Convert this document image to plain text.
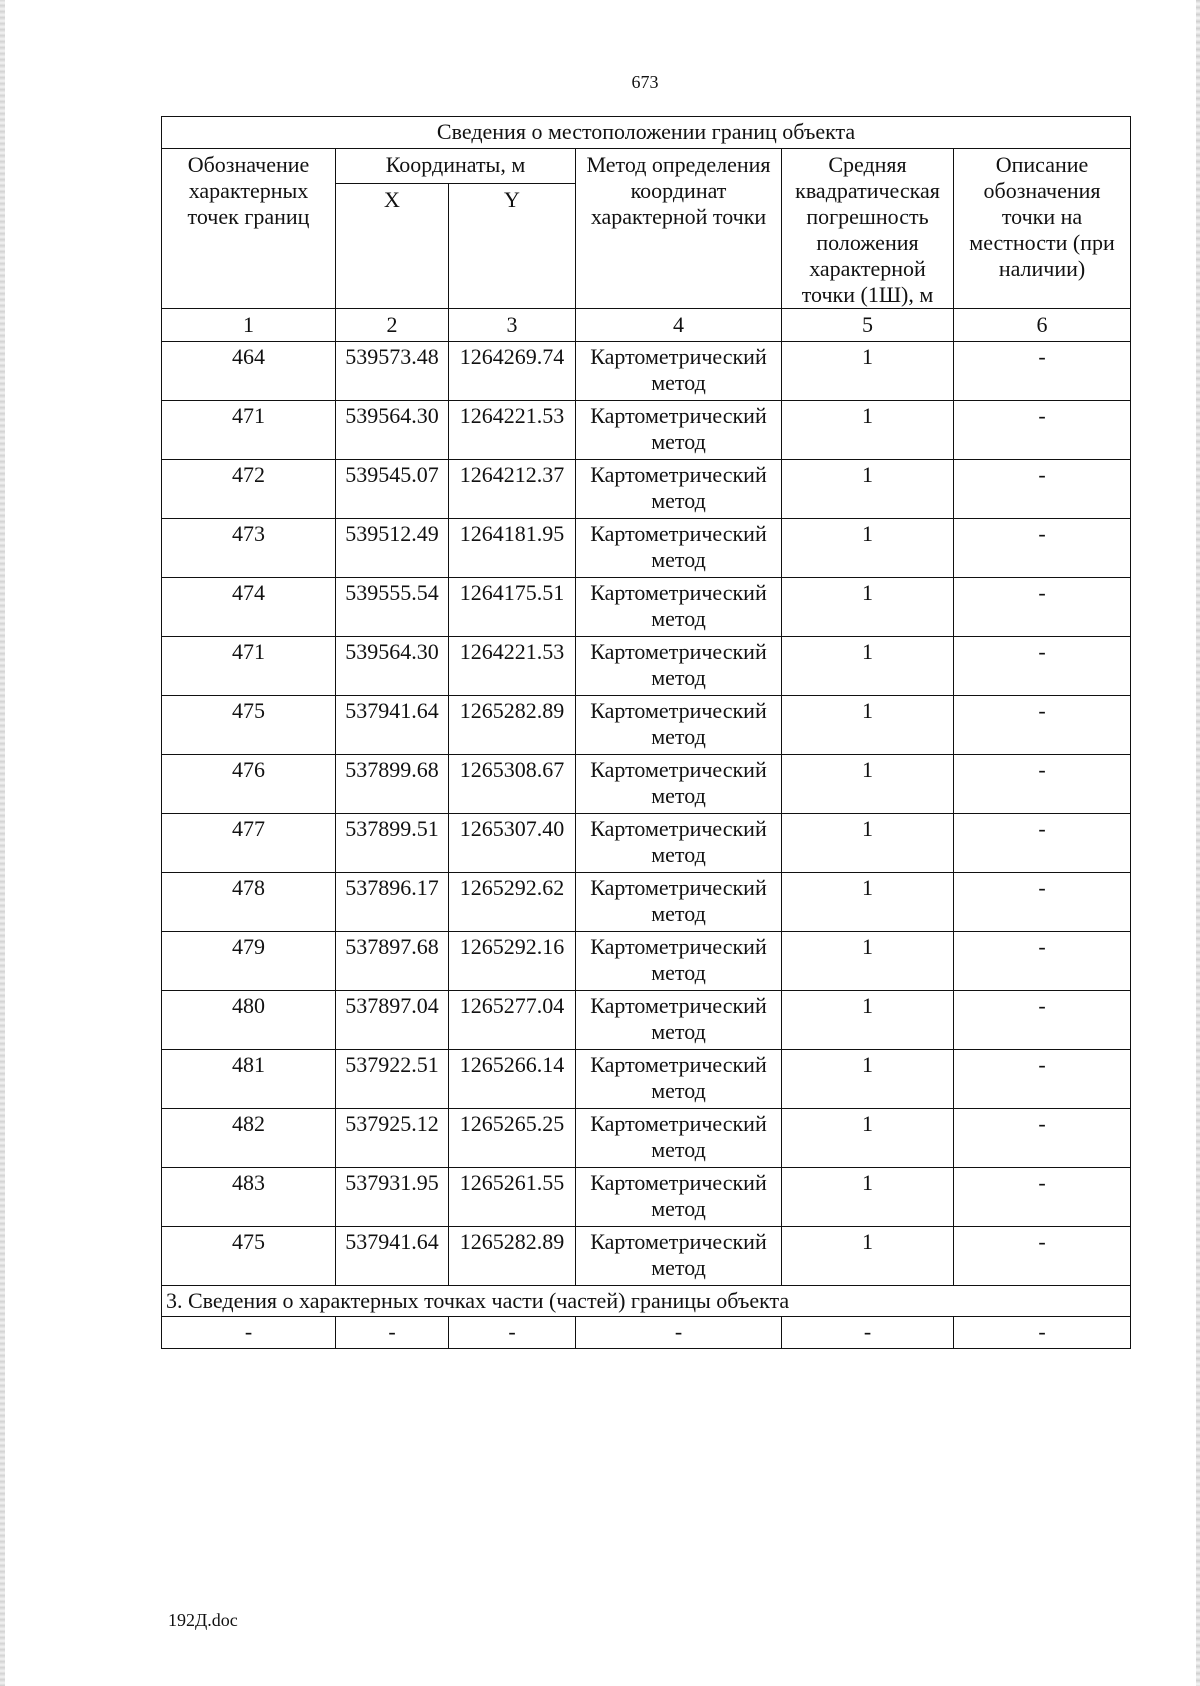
673
Сведения о местоположении границ объекта					
Обозначение характерных точек границ	Координаты, м		Метод определения координат характерной точки	Средняя квадратическая погрешность положения характерной точки (1Ш), м	Описание обозначения точки на местности (при наличии)
	X	Y			
1	2	3	4	5	6
464	539573.48	1264269.74	Картометрический метод	1	-
471	539564.30	1264221.53	Картометрический метод	1	-
472	539545.07	1264212.37	Картометрический метод	1	-
473	539512.49	1264181.95	Картометрический метод	1	-
474	539555.54	1264175.51	Картометрический метод	1	-
471	539564.30	1264221.53	Картометрический метод	1	-
475	537941.64	1265282.89	Картометрический метод	1	-
476	537899.68	1265308.67	Картометрический метод	1	-
477	537899.51	1265307.40	Картометрический метод	1	-
478	537896.17	1265292.62	Картометрический метод	1	-
479	537897.68	1265292.16	Картометрический метод	1	-
480	537897.04	1265277.04	Картометрический метод	1	-
481	537922.51	1265266.14	Картометрический метод	1	-
482	537925.12	1265265.25	Картометрический метод	1	-
483	537931.95	1265261.55	Картометрический метод	1	-
475	537941.64	1265282.89	Картометрический метод	1	-
3. Сведения о характерных точках части (частей) границы объекта					
-	-	-	-	-	-
192Д.doc
